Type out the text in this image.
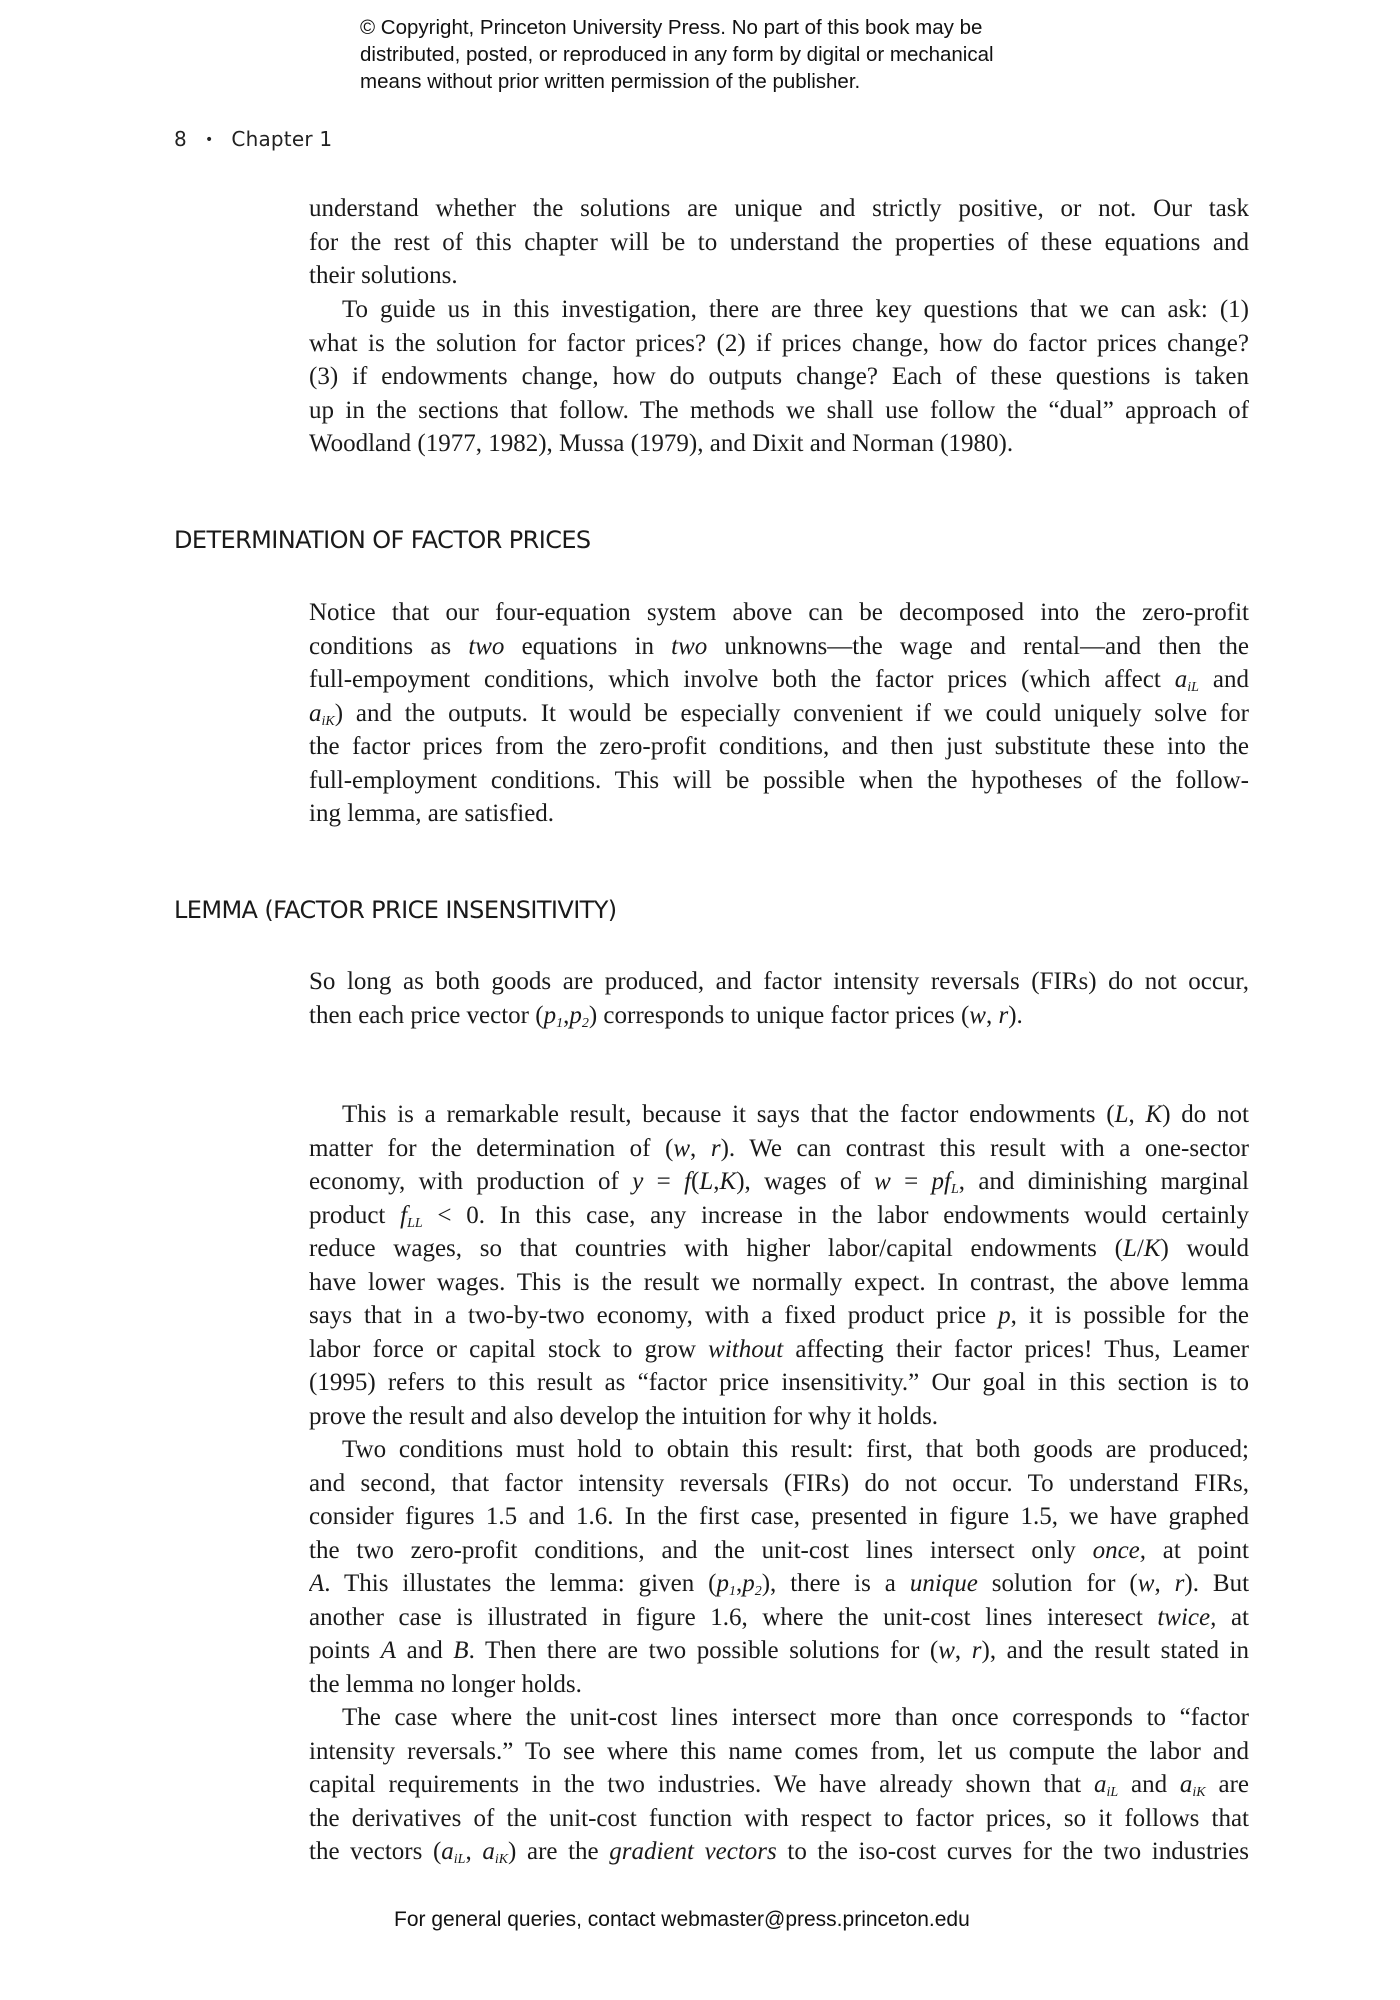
© Copyright, Princeton University Press. No part of this book may be
distributed, posted, or reproduced in any form by digital or mechanical
means without prior written permission of the publisher.
8 • Chapter 1
understand whether the solutions are unique and strictly positive, or not. Our task
for the rest of this chapter will be to understand the properties of these equations and
their solutions.
To guide us in this investigation, there are three key questions that we can ask: (1)
what is the solution for factor prices? (2) if prices change, how do factor prices change?
(3) if endowments change, how do outputs change? Each of these questions is taken
up in the sections that follow. The methods we shall use follow the “dual” approach of
Woodland (1977, 1982), Mussa (1979), and Dixit and Norman (1980).
DETERMINATION OF FACTOR PRICES
Notice that our four-equation system above can be decomposed into the zero-profit
conditions as two equations in two unknowns—the wage and rental—and then the
full-empoyment conditions, which involve both the factor prices (which affect $a_{iL}$ and
$a_{iK}$) and the outputs. It would be especially convenient if we could uniquely solve for
the factor prices from the zero-profit conditions, and then just substitute these into the
full-employment conditions. This will be possible when the hypotheses of the follow-
ing lemma, are satisfied.
LEMMA (FACTOR PRICE INSENSITIVITY)
So long as both goods are produced, and factor intensity reversals (FIRs) do not occur,
then each price vector $(p_1,p_2)$ corresponds to unique factor prices (w, r).
This is a remarkable result, because it says that the factor endowments (L, K) do not
matter for the determination of (w, r). We can contrast this result with a one-sector
economy, with production of y = f(L,K), wages of $w = pf_L$, and diminishing marginal
product $f_{LL} < 0$. In this case, any increase in the labor endowments would certainly
reduce wages, so that countries with higher labor/capital endowments (L/K) would
have lower wages. This is the result we normally expect. In contrast, the above lemma
says that in a two-by-two economy, with a fixed product price p, it is possible for the
labor force or capital stock to grow without affecting their factor prices! Thus, Leamer
(1995) refers to this result as “factor price insensitivity.” Our goal in this section is to
prove the result and also develop the intuition for why it holds.
Two conditions must hold to obtain this result: first, that both goods are produced;
and second, that factor intensity reversals (FIRs) do not occur. To understand FIRs,
consider figures 1.5 and 1.6. In the first case, presented in figure 1.5, we have graphed
the two zero-profit conditions, and the unit-cost lines intersect only once, at point
A. This illustates the lemma: given $(p_1,p_2)$, there is a unique solution for (w, r). But
another case is illustrated in figure 1.6, where the unit-cost lines interesect twice, at
points A and B. Then there are two possible solutions for (w, r), and the result stated in
the lemma no longer holds.
The case where the unit-cost lines intersect more than once corresponds to “factor
intensity reversals.” To see where this name comes from, let us compute the labor and
capital requirements in the two industries. We have already shown that $a_{iL}$ and $a_{iK}$ are
the derivatives of the unit-cost function with respect to factor prices, so it follows that
the vectors ($a_{iL}$, $a_{iK}$) are the gradient vectors to the iso-cost curves for the two industries
For general queries, contact webmaster@press.princeton.edu
